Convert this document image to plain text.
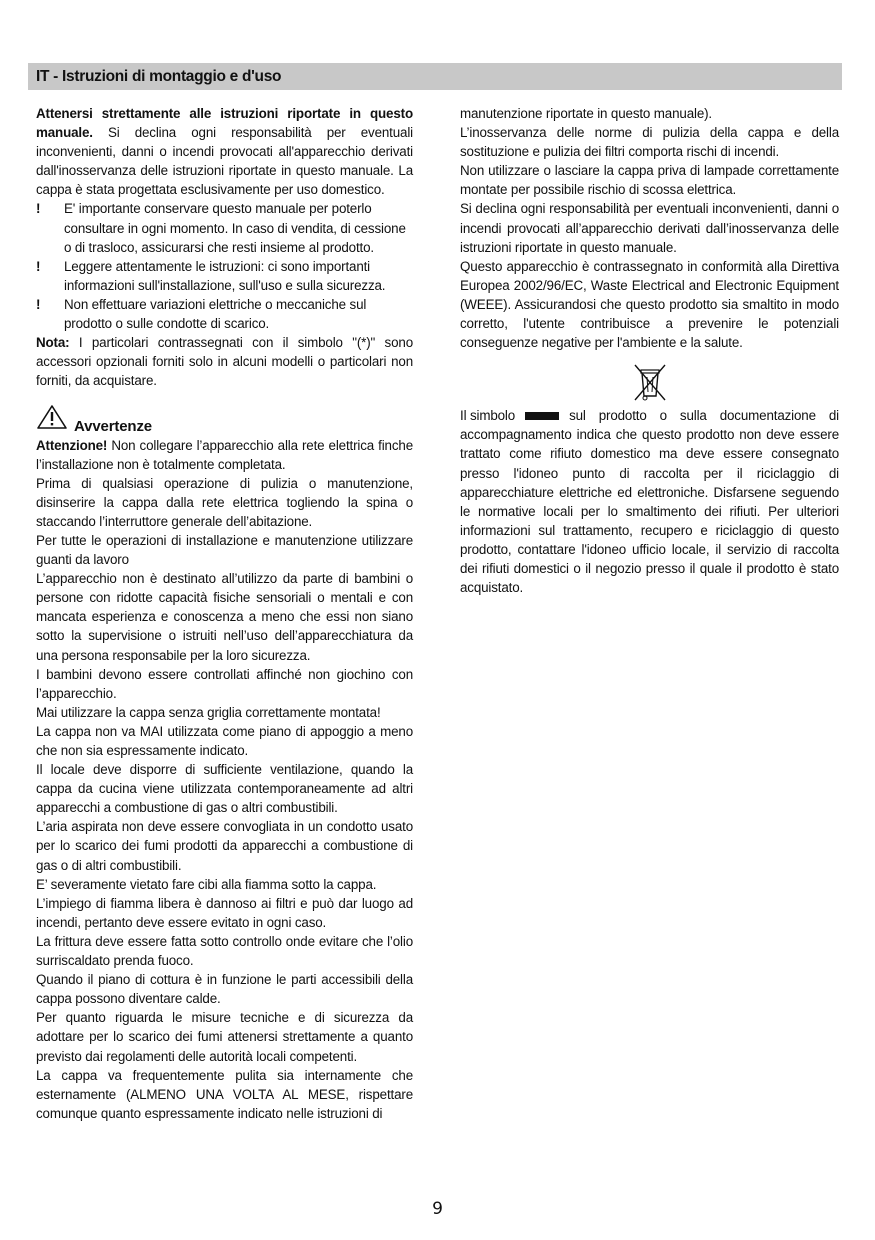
IT - Istruzioni di montaggio e d'uso

Attenersi strettamente alle istruzioni riportate in questo manuale. Si declina ogni responsabilità per eventuali inconvenienti, danni o incendi provocati all'apparecchio derivati dall'inosservanza delle istruzioni riportate in questo manuale. La cappa è stata progettata esclusivamente per uso domestico.

!	E' importante conservare questo manuale per poterlo consultare in ogni momento. In caso di vendita, di cessione o di trasloco, assicurarsi che resti insieme al prodotto.
!	Leggere attentamente le istruzioni: ci sono importanti informazioni sull'installazione, sull'uso e sulla sicurezza.
!	Non effettuare variazioni elettriche o meccaniche sul prodotto o sulle condotte di scarico.

Nota: I particolari contrassegnati con il simbolo "(*)" sono accessori opzionali forniti solo in alcuni modelli o particolari non forniti, da acquistare.

Avvertenze

Attenzione! Non collegare l’apparecchio alla rete elettrica finche l’installazione non è totalmente completata.

Prima di qualsiasi operazione di pulizia o manutenzione, disinserire la cappa dalla rete elettrica togliendo la spina o staccando l’interruttore generale dell’abitazione.

Per tutte le operazioni di installazione e manutenzione utilizzare guanti da lavoro

L’apparecchio non è destinato all’utilizzo da parte di bambini o persone con ridotte capacità fisiche sensoriali o mentali e con mancata esperienza e conoscenza a meno che essi non siano sotto la supervisione o istruiti nell’uso dell’apparecchiatura da una persona responsabile per la loro sicurezza.

I bambini devono essere controllati affinché non giochino con l’apparecchio.

Mai utilizzare la cappa senza griglia correttamente montata!

La cappa non va MAI utilizzata come piano di appoggio a meno che non sia espressamente indicato.

Il locale deve disporre di sufficiente ventilazione, quando la cappa da cucina viene utilizzata contemporaneamente ad altri apparecchi a combustione di gas o altri combustibili.

L’aria aspirata non deve essere convogliata in un condotto usato per lo scarico dei fumi prodotti da apparecchi a combustione di gas o di altri combustibili.

E’ severamente vietato fare cibi alla fiamma sotto la cappa.

L’impiego di fiamma libera è dannoso ai filtri e può dar luogo ad incendi, pertanto deve essere evitato in ogni caso.

La frittura deve essere fatta sotto controllo onde evitare che l’olio surriscaldato prenda fuoco.

Quando il piano di cottura è in funzione le parti accessibili della cappa possono diventare calde.

Per quanto riguarda le misure tecniche e di sicurezza da adottare per lo scarico dei fumi attenersi strettamente a quanto previsto dai regolamenti delle autorità locali competenti.

La cappa va frequentemente pulita sia internamente che esternamente (ALMENO UNA VOLTA AL MESE, rispettare comunque quanto espressamente indicato nelle istruzioni di

manutenzione riportate in questo manuale).

L’inosservanza delle norme di pulizia della cappa e della sostituzione e pulizia dei filtri comporta rischi di incendi.

Non utilizzare o lasciare la cappa priva di lampade correttamente montate per possibile rischio di scossa elettrica.

Si declina ogni responsabilità per eventuali inconvenienti, danni o incendi provocati all’apparecchio derivati dall’inosservanza delle istruzioni riportate in questo manuale.

Questo apparecchio è contrassegnato in conformità alla Direttiva Europea 2002/96/EC, Waste Electrical and Electronic Equipment (WEEE). Assicurandosi che questo prodotto sia smaltito in modo corretto, l'utente contribuisce a prevenire le potenziali conseguenze negative per l'ambiente e la salute.

Il simbolo	sul prodotto o sulla documentazione di

accompagnamento indica che questo prodotto non deve essere trattato come rifiuto domestico ma deve essere consegnato presso l'idoneo punto di raccolta per il riciclaggio di apparecchiature elettriche ed elettroniche. Disfarsene seguendo le normative locali per lo smaltimento dei rifiuti. Per ulteriori informazioni sul trattamento, recupero e riciclaggio di questo prodotto, contattare l'idoneo ufficio locale, il servizio di raccolta dei rifiuti domestici o il negozio presso il quale il prodotto è stato acquistato.

9
